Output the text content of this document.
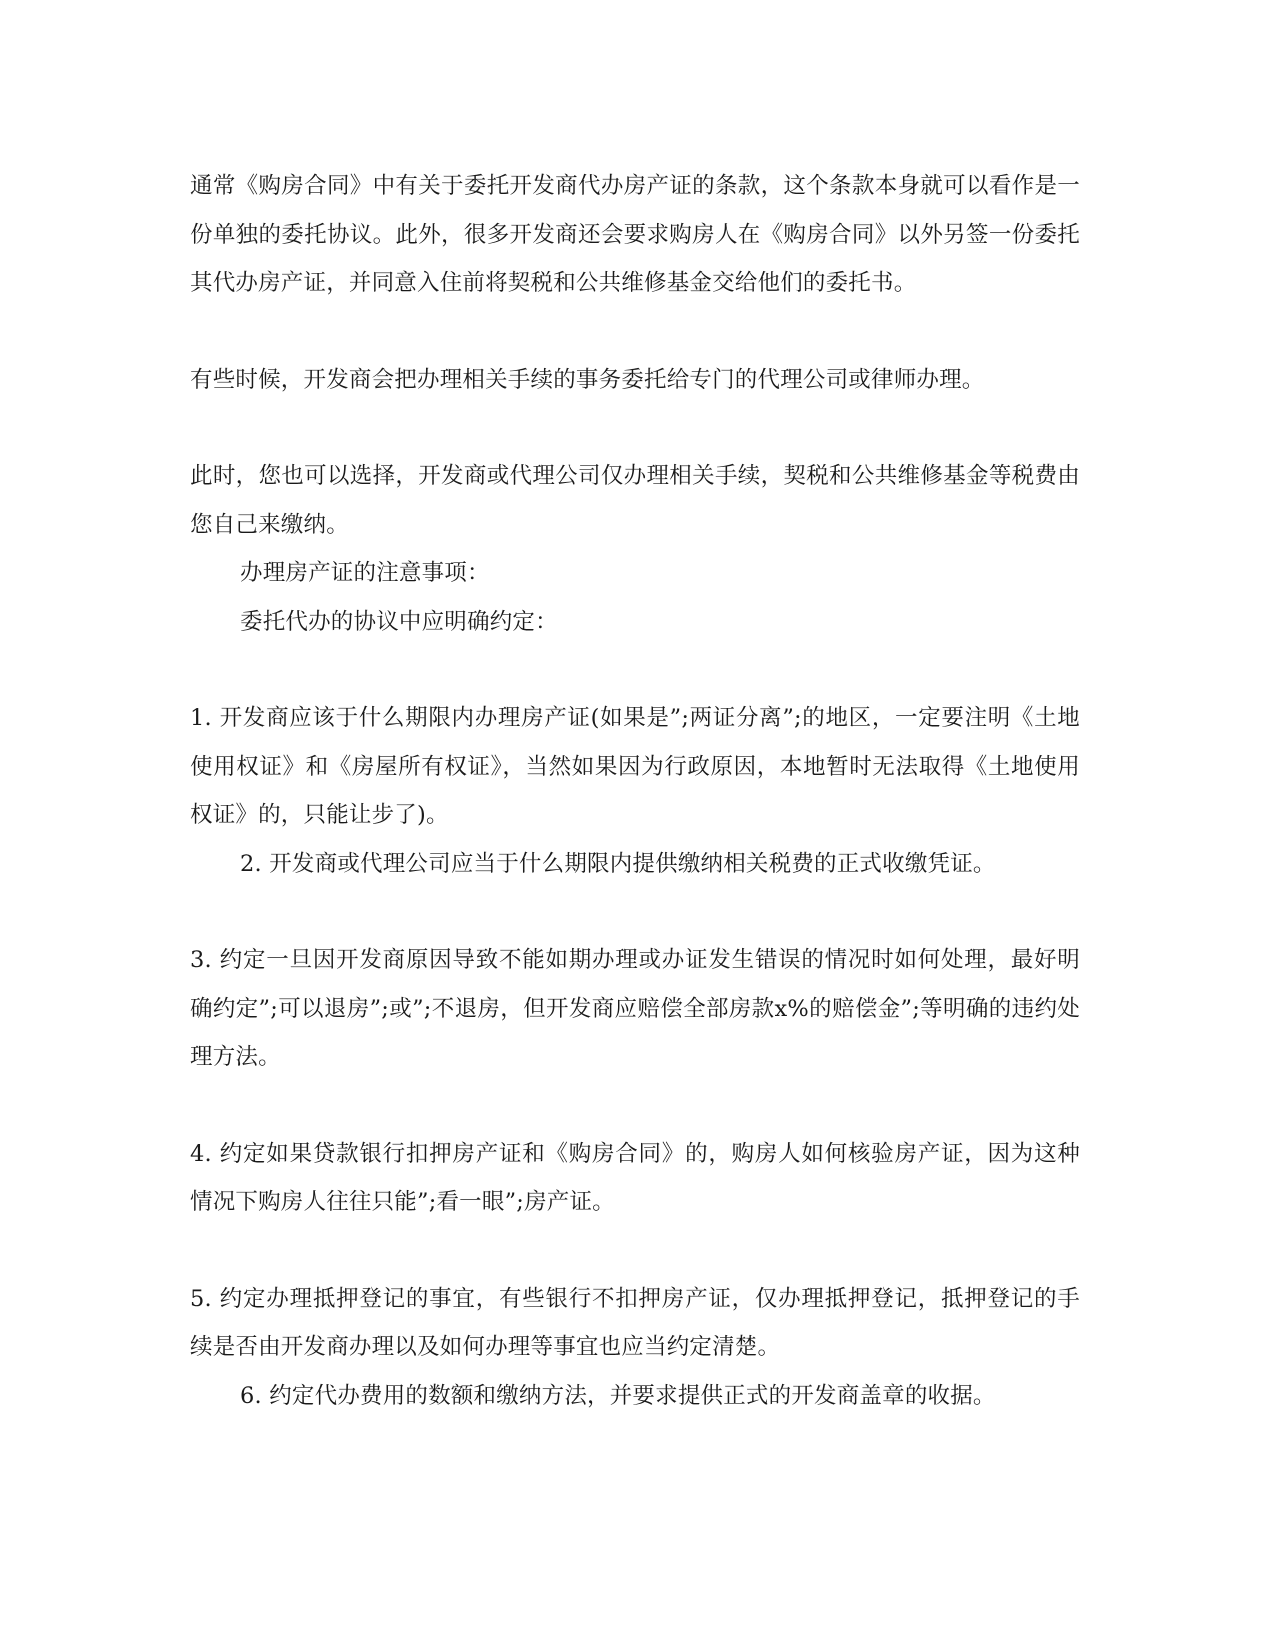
通常《购房合同》中有关于委托开发商代办房产证的条款，这个条款本身就可以看作是一份单独的委托协议。此外，很多开发商还会要求购房人在《购房合同》以外另签一份委托其代办房产证，并同意入住前将契税和公共维修基金交给他们的委托书。

有些时候，开发商会把办理相关手续的事务委托给专门的代理公司或律师办理。

此时，您也可以选择，开发商或代理公司仅办理相关手续，契税和公共维修基金等税费由您自己来缴纳。

办理房产证的注意事项：

委托代办的协议中应明确约定：

1. 开发商应该于什么期限内办理房产证(如果是”;两证分离”;的地区，一定要注明《土地使用权证》和《房屋所有权证》，当然如果因为行政原因，本地暂时无法取得《土地使用权证》的，只能让步了)。

2. 开发商或代理公司应当于什么期限内提供缴纳相关税费的正式收缴凭证。

3. 约定一旦因开发商原因导致不能如期办理或办证发生错误的情况时如何处理，最好明确约定”;可以退房”;或”;不退房，但开发商应赔偿全部房款x%的赔偿金”;等明确的违约处理方法。

4. 约定如果贷款银行扣押房产证和《购房合同》的，购房人如何核验房产证，因为这种情况下购房人往往只能”;看一眼”;房产证。

5. 约定办理抵押登记的事宜，有些银行不扣押房产证，仅办理抵押登记，抵押登记的手续是否由开发商办理以及如何办理等事宜也应当约定清楚。

6. 约定代办费用的数额和缴纳方法，并要求提供正式的开发商盖章的收据。
